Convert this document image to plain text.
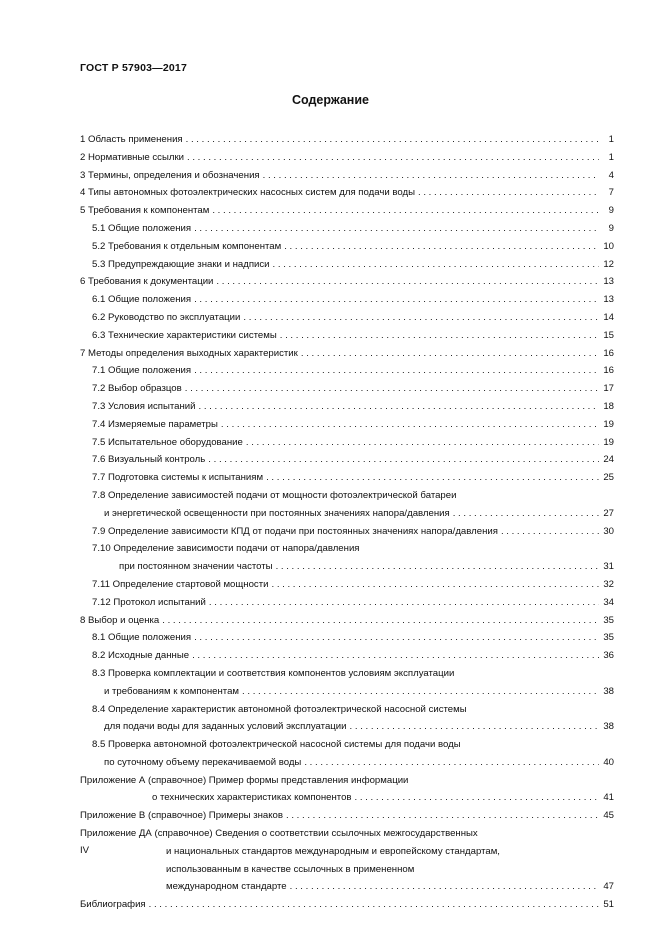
ГОСТ Р 57903—2017
Содержание
1 Область применения . . .	1
2 Нормативные ссылки . . .	1
3 Термины, определения и обозначения . . .	4
4 Типы автономных фотоэлектрических насосных систем для подачи воды . . .	7
5 Требования к компонентам . . .	9
5.1 Общие положения . . .	9
5.2 Требования к отдельным компонентам . . .	10
5.3 Предупреждающие знаки и надписи . . .	12
6 Требования к документации . . .	13
6.1 Общие положения . . .	13
6.2 Руководство по эксплуатации . . .	14
6.3 Технические характеристики системы . . .	15
7 Методы определения выходных характеристик . . .	16
7.1 Общие положения . . .	16
7.2 Выбор образцов . . .	17
7.3 Условия испытаний . . .	18
7.4 Измеряемые параметры . . .	19
7.5 Испытательное оборудование . . .	19
7.6 Визуальный контроль . . .	24
7.7 Подготовка системы к испытаниям . . .	25
7.8 Определение зависимостей подачи от мощности фотоэлектрической батареи
и энергетической освещенности при постоянных значениях напора/давления . . .	27
7.9 Определение зависимости КПД от подачи при постоянных значениях напора/давления . . .	30
7.10 Определение зависимости подачи от напора/давления
при постоянном значении частоты . . .	31
7.11 Определение стартовой мощности . . .	32
7.12 Протокол испытаний . . .	34
8 Выбор и оценка . . .	35
8.1 Общие положения . . .	35
8.2 Исходные данные . . .	36
8.3 Проверка комплектации и соответствия компонентов условиям эксплуатации
и требованиям к компонентам . . .	38
8.4 Определение характеристик автономной фотоэлектрической насосной системы
для подачи воды для заданных условий эксплуатации . . .	38
8.5 Проверка автономной фотоэлектрической насосной системы для подачи воды
по суточному объему перекачиваемой воды . . .	40
Приложение А (справочное) Пример формы представления информации
о технических характеристиках компонентов . . .	41
Приложение В (справочное) Примеры знаков . . .	45
Приложение ДА (справочное) Сведения о соответствии ссылочных межгосударственных
и национальных стандартов международным и европейскому стандартам,
использованным в качестве ссылочных в примененном
международном стандарте . . .	47
Библиография . . .	51
IV
